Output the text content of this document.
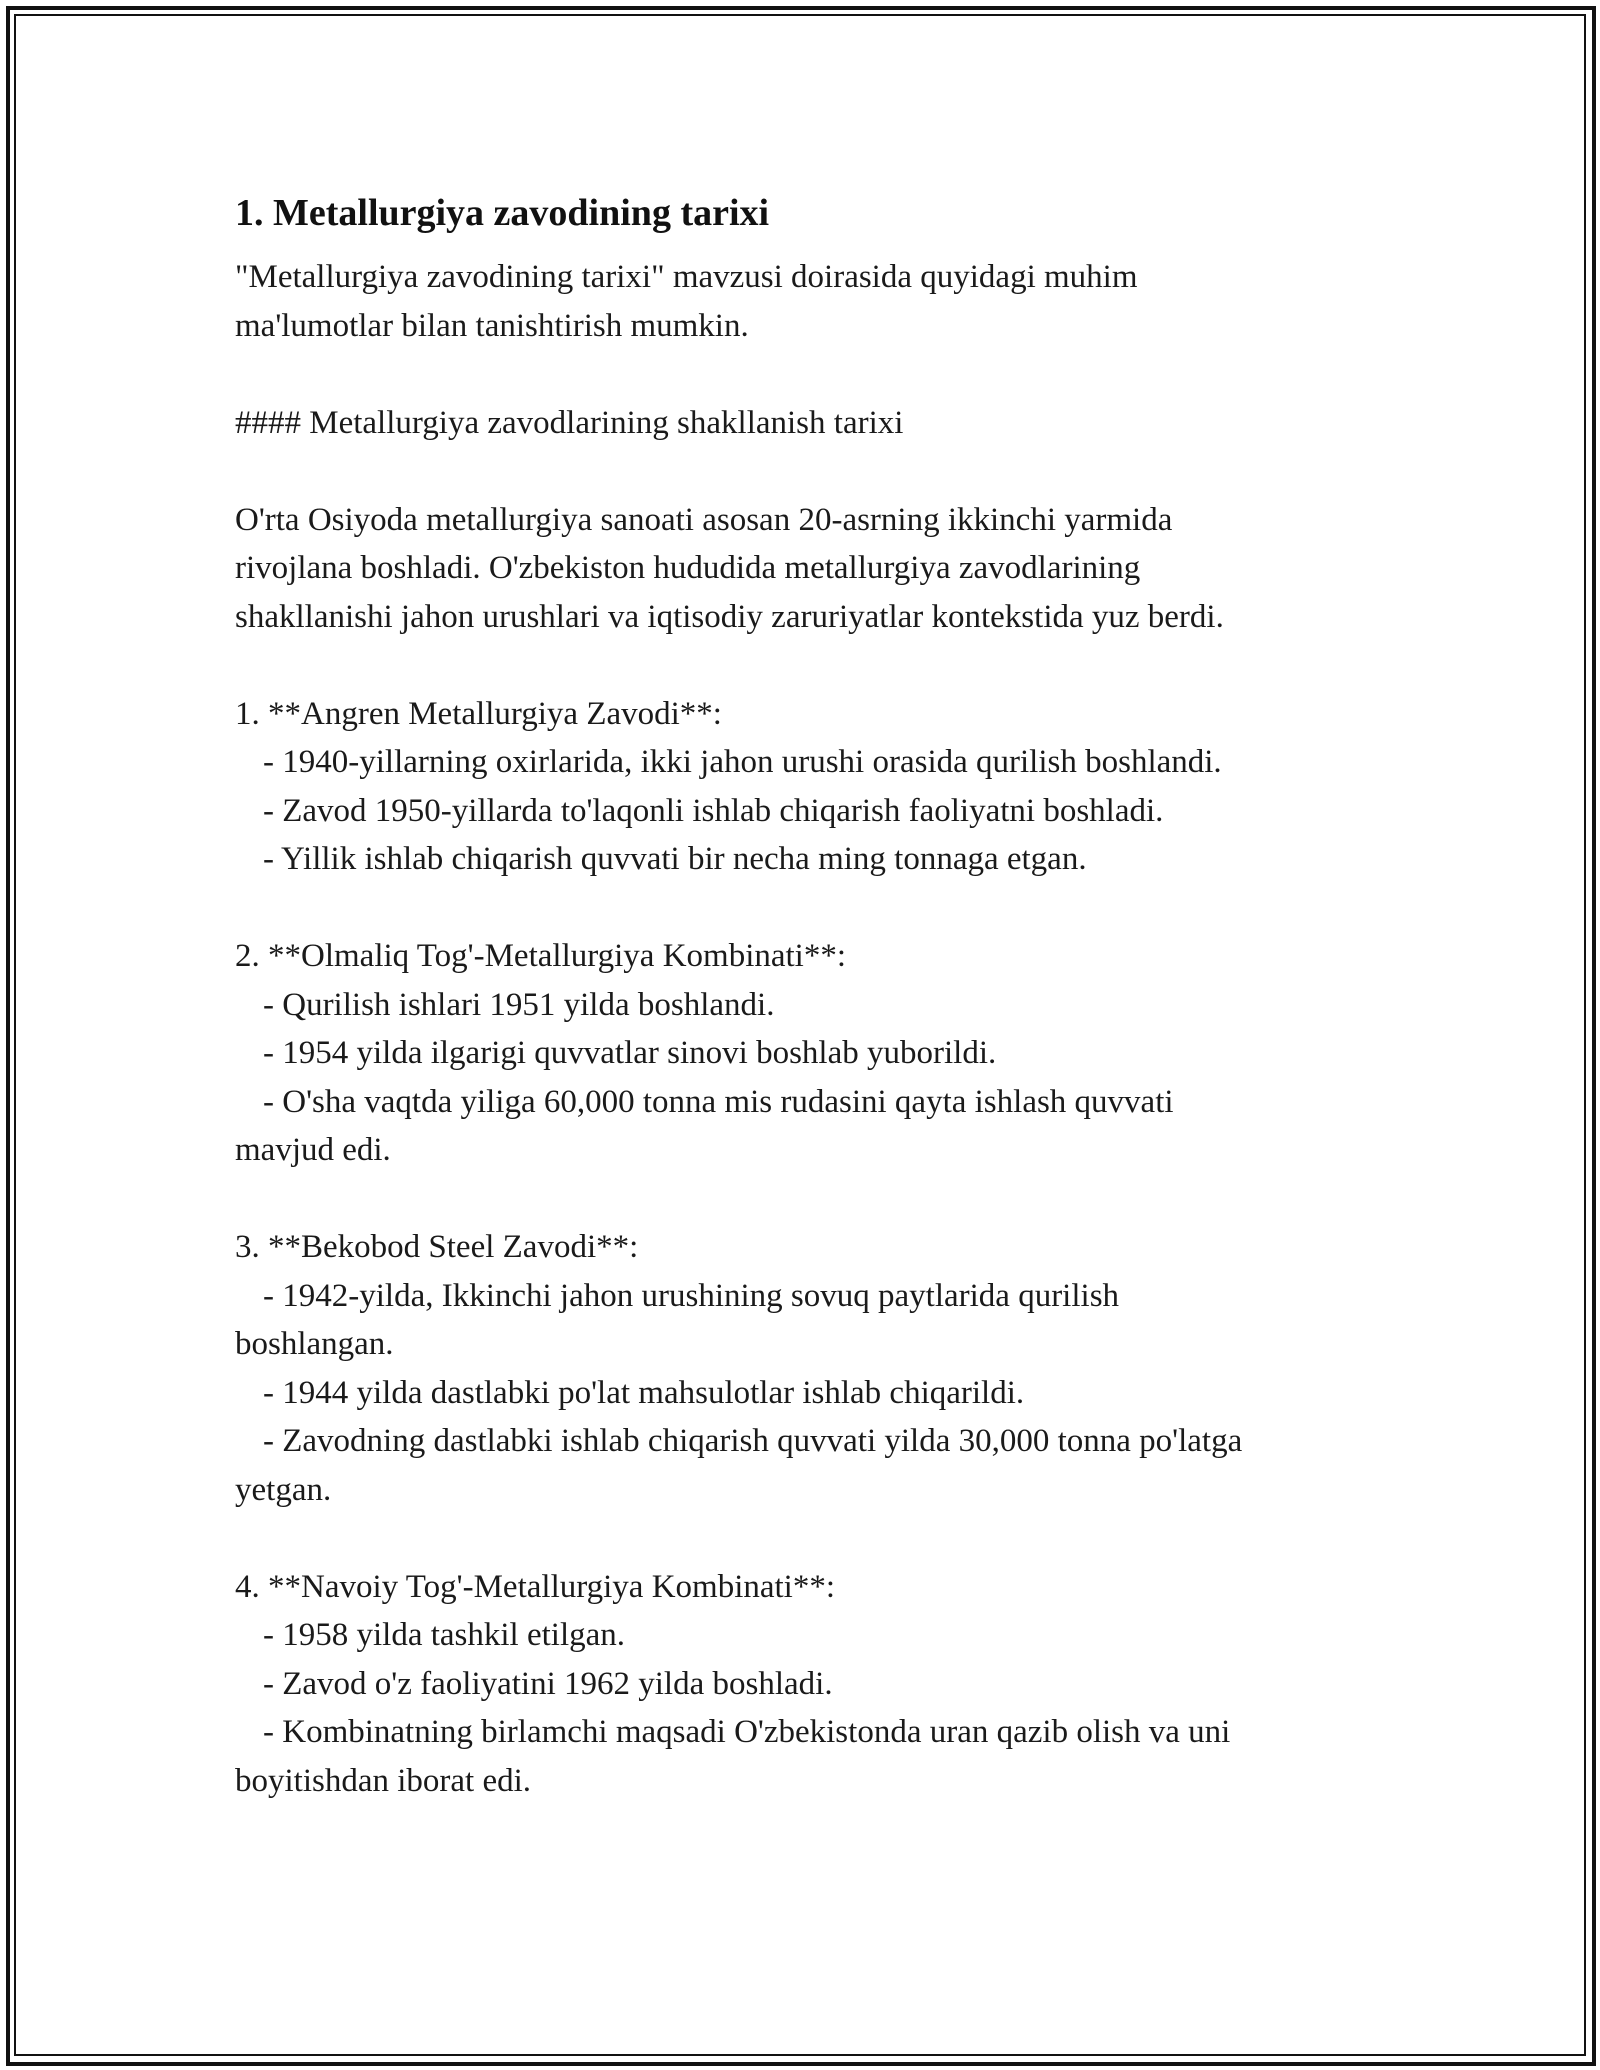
1. Metallurgiya zavodining tarixi
"Metallurgiya zavodining tarixi" mavzusi doirasida quyidagi muhim
ma'lumotlar bilan tanishtirish mumkin.
#### Metallurgiya zavodlarining shakllanish tarixi
O'rta Osiyoda metallurgiya sanoati asosan 20-asrning ikkinchi yarmida
rivojlana boshladi. O'zbekiston hududida metallurgiya zavodlarining
shakllanishi jahon urushlari va iqtisodiy zaruriyatlar kontekstida yuz berdi.
1. **Angren Metallurgiya Zavodi**:
- 1940-yillarning oxirlarida, ikki jahon urushi orasida qurilish boshlandi.
- Zavod 1950-yillarda to'laqonli ishlab chiqarish faoliyatni boshladi.
- Yillik ishlab chiqarish quvvati bir necha ming tonnaga etgan.
2. **Olmaliq Tog'-Metallurgiya Kombinati**:
- Qurilish ishlari 1951 yilda boshlandi.
- 1954 yilda ilgarigi quvvatlar sinovi boshlab yuborildi.
- O'sha vaqtda yiliga 60,000 tonna mis rudasini qayta ishlash quvvati
mavjud edi.
3. **Bekobod Steel Zavodi**:
- 1942-yilda, Ikkinchi jahon urushining sovuq paytlarida qurilish
boshlangan.
- 1944 yilda dastlabki po'lat mahsulotlar ishlab chiqarildi.
- Zavodning dastlabki ishlab chiqarish quvvati yilda 30,000 tonna po'latga
yetgan.
4. **Navoiy Tog'-Metallurgiya Kombinati**:
- 1958 yilda tashkil etilgan.
- Zavod o'z faoliyatini 1962 yilda boshladi.
- Kombinatning birlamchi maqsadi O'zbekistonda uran qazib olish va uni
boyitishdan iborat edi.
